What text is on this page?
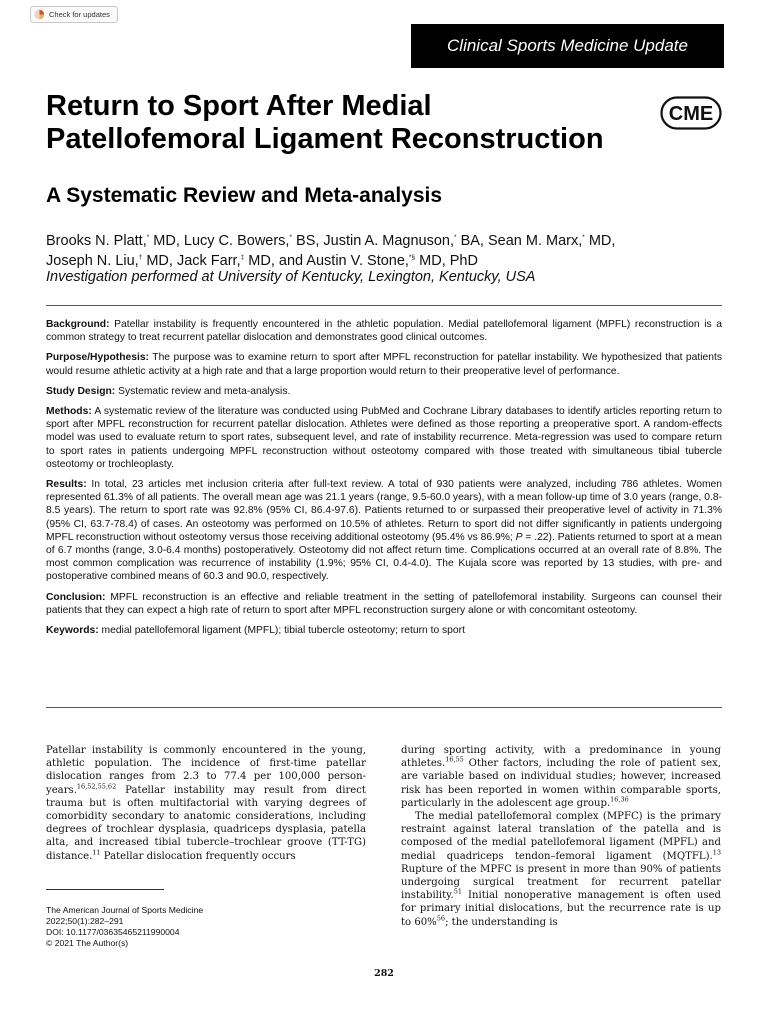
Check for updates
Clinical Sports Medicine Update
Return to Sport After Medial
Patellofemoral Ligament Reconstruction
CME
A Systematic Review and Meta-analysis
Brooks N. Platt,* MD, Lucy C. Bowers,* BS, Justin A. Magnuson,* BA, Sean M. Marx,* MD,
Joseph N. Liu,† MD, Jack Farr,‡ MD, and Austin V. Stone,*§ MD, PhD
Investigation performed at University of Kentucky, Lexington, Kentucky, USA

Background: Patellar instability is frequently encountered in the athletic population. Medial patellofemoral ligament (MPFL) reconstruction is a common strategy to treat recurrent patellar dislocation and demonstrates good clinical outcomes.

Purpose/Hypothesis: The purpose was to examine return to sport after MPFL reconstruction for patellar instability. We hypothesized that patients would resume athletic activity at a high rate and that a large proportion would return to their preoperative level of performance.

Study Design: Systematic review and meta-analysis.

Methods: A systematic review of the literature was conducted using PubMed and Cochrane Library databases to identify articles reporting return to sport after MPFL reconstruction for recurrent patellar dislocation. Athletes were defined as those reporting a preoperative sport. A random-effects model was used to evaluate return to sport rates, subsequent level, and rate of instability recurrence. Meta-regression was used to compare return to sport rates in patients undergoing MPFL reconstruction without osteotomy compared with those treated with simultaneous tibial tubercle osteotomy or trochleoplasty.

Results: In total, 23 articles met inclusion criteria after full-text review. A total of 930 patients were analyzed, including 786 athletes. Women represented 61.3% of all patients. The overall mean age was 21.1 years (range, 9.5-60.0 years), with a mean follow-up time of 3.0 years (range, 0.8-8.5 years). The return to sport rate was 92.8% (95% CI, 86.4-97.6). Patients returned to or surpassed their preoperative level of activity in 71.3% (95% CI, 63.7-78.4) of cases. An osteotomy was performed on 10.5% of athletes. Return to sport did not differ significantly in patients undergoing MPFL reconstruction without osteotomy versus those receiving additional osteotomy (95.4% vs 86.9%; P = .22). Patients returned to sport at a mean of 6.7 months (range, 3.0-6.4 months) postoperatively. Osteotomy did not affect return time. Complications occurred at an overall rate of 8.8%. The most common complication was recurrence of instability (1.9%; 95% CI, 0.4-4.0). The Kujala score was reported by 13 studies, with pre- and postoperative combined means of 60.3 and 90.0, respectively.

Conclusion: MPFL reconstruction is an effective and reliable treatment in the setting of patellofemoral instability. Surgeons can counsel their patients that they can expect a high rate of return to sport after MPFL reconstruction surgery alone or with concomitant osteotomy.

Keywords: medial patellofemoral ligament (MPFL); tibial tubercle osteotomy; return to sport

Patellar instability is commonly encountered in the young, athletic population. The incidence of first-time patellar dislocation ranges from 2.3 to 77.4 per 100,000 person-years.$^{16,52,55,62}$ Patellar instability may result from direct trauma but is often multifactorial with varying degrees of comorbidity secondary to anatomic considerations, including degrees of trochlear dysplasia, quadriceps dysplasia, patella alta, and increased tibial tubercle–trochlear groove (TT-TG) distance.$^{11}$ Patellar dislocation frequently occurs

during sporting activity, with a predominance in young athletes.$^{16,55}$ Other factors, including the role of patient sex, are variable based on individual studies; however, increased risk has been reported in women within comparable sports, particularly in the adolescent age group.$^{16,36}$

The medial patellofemoral complex (MPFC) is the primary restraint against lateral translation of the patella and is composed of the medial patellofemoral ligament (MPFL) and medial quadriceps tendon–femoral ligament (MQTFL).$^{13}$ Rupture of the MPFC is present in more than 90% of patients undergoing surgical treatment for recurrent patellar instability.$^{51}$ Initial nonoperative management is often used for primary initial dislocations, but the recurrence rate is up to 60%$^{56}$; the understanding is

The American Journal of Sports Medicine
2022;50(1):282–291
DOI: 10.1177/03635465211990004
© 2021 The Author(s)
282
